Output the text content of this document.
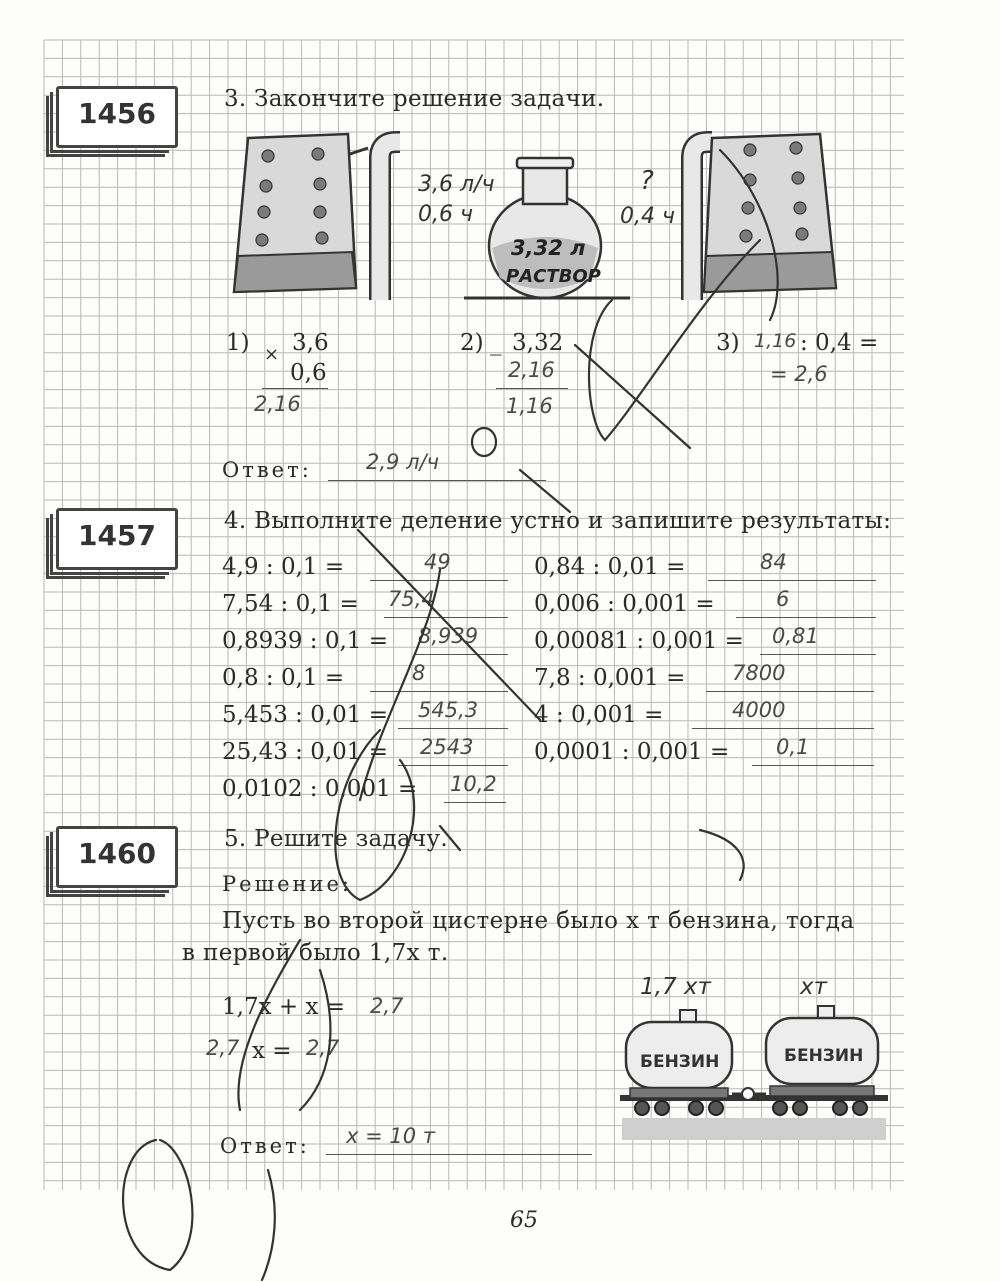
1456
1457
1460
3. Закончите решение задачи.
4. Выполните деление устно и запишите результаты:
5. Решите задачу.
3,6 л/ч
0,6 ч
3,32 л
РАСТВОР
?
0,4 ч
1) × 3,6
0,6
2,16
2) _ 3,32
2,16
1,16
3) 1,16 : 0,4 =
= 2,6
Ответ:	2,9 л/ч
4,9 : 0,1 =	49
7,54 : 0,1 = 75,4
0,8939 : 0,1 = 8,939
0,8 : 0,1 =	8
5,453 : 0,01 = 545,3
25,43 : 0,01 = 2543
0,0102 : 0,001 = 10,2
0,84 : 0,01 =	84
0,006 : 0,001 =	6
0,00081 : 0,001 = 0,81
7,8 : 0,001 = 7800
4 : 0,001 =	4000
0,0001 : 0,001 = 0,1
Решение:
Пусть во второй цистерне было x т бензина, тогда
в первой было 1,7x т.
1,7x + x = 2,7
2,7 x = 2,7
1,7 xт	xт
БЕНЗИН	БЕНЗИН
Ответ: x = 10 т
65
